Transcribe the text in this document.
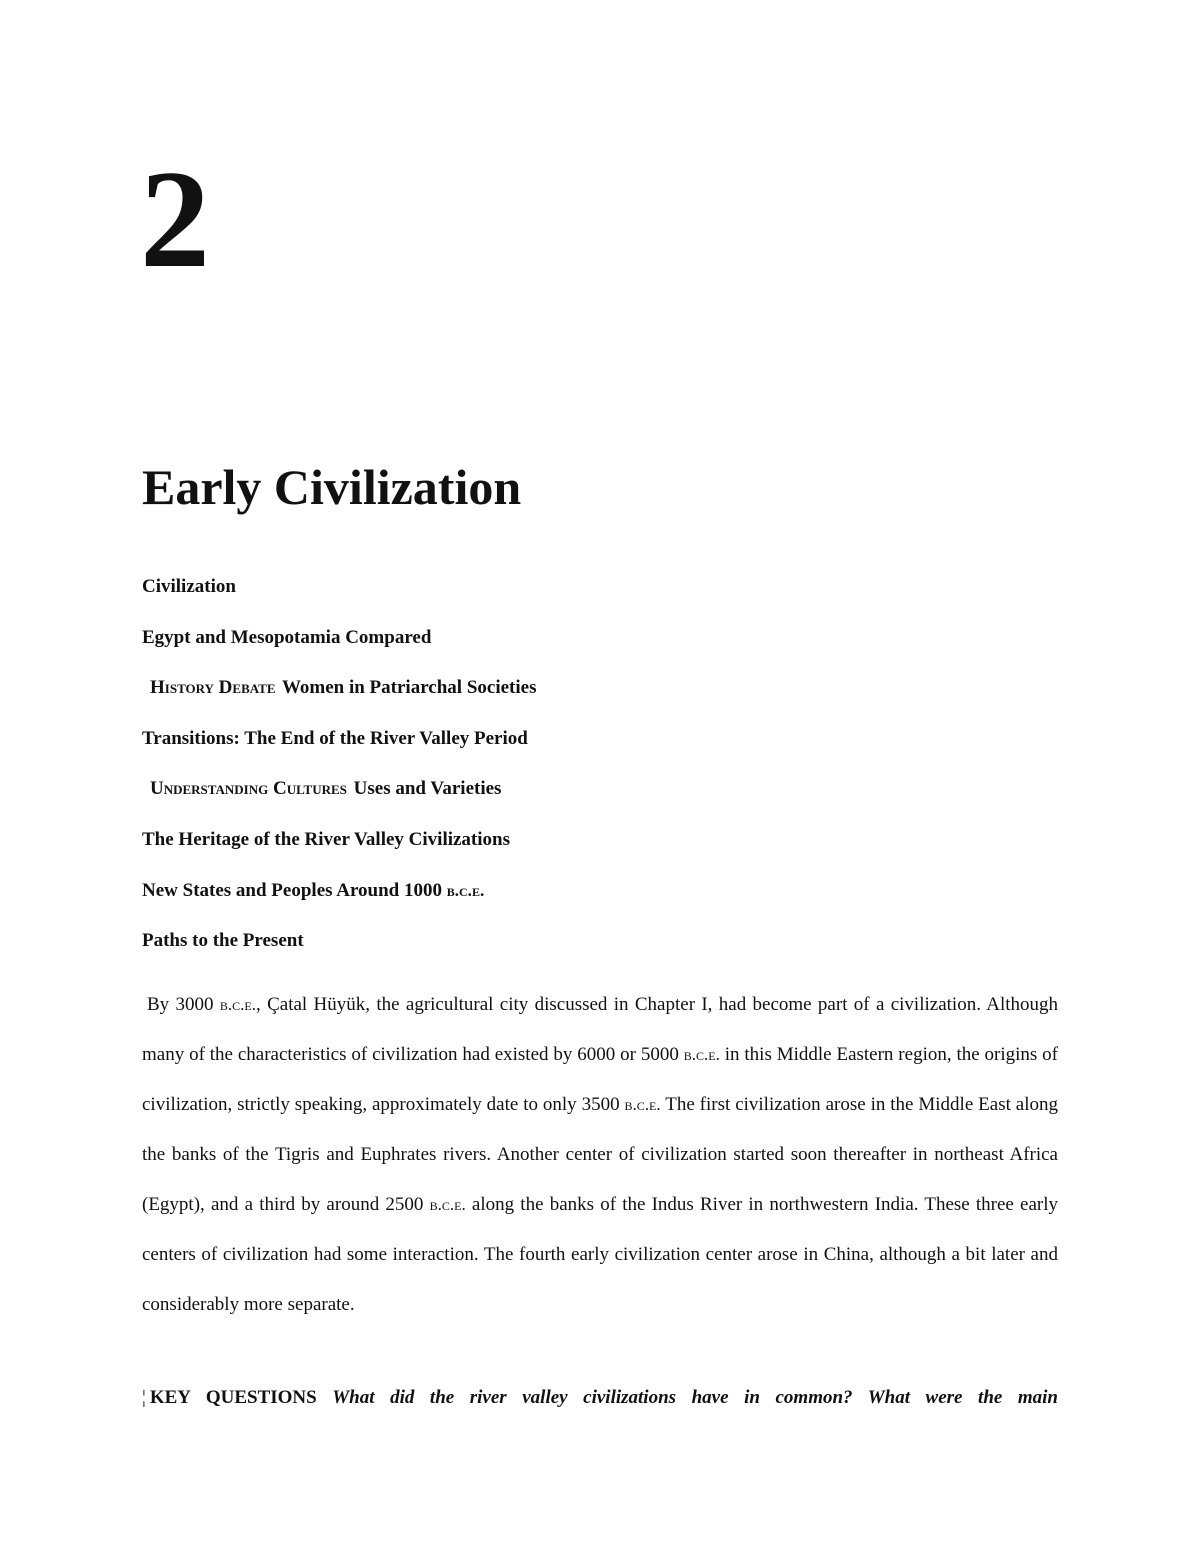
2
Early Civilization
Civilization
Egypt and Mesopotamia Compared
History Debate Women in Patriarchal Societies
Transitions: The End of the River Valley Period
Understanding Cultures Uses and Varieties
The Heritage of the River Valley Civilizations
New States and Peoples Around 1000 b.c.e.
Paths to the Present

By 3000 b.c.e., Çatal Hüyük, the agricultural city discussed in Chapter I, had become part of a civilization. Although many of the characteristics of civilization had existed by 6000 or 5000 b.c.e. in this Middle Eastern region, the origins of civilization, strictly speaking, approximately date to only 3500 b.c.e. The first civilization arose in the Middle East along the banks of the Tigris and Euphrates rivers. Another center of civilization started soon thereafter in northeast Africa (Egypt), and a third by around 2500 b.c.e. along the banks of the Indus River in northwestern India. These three early centers of civilization had some interaction. The fourth early civilization center arose in China, although a bit later and considerably more separate.

¦ KEY QUESTIONS What did the river valley civilizations have in common? What were the main
